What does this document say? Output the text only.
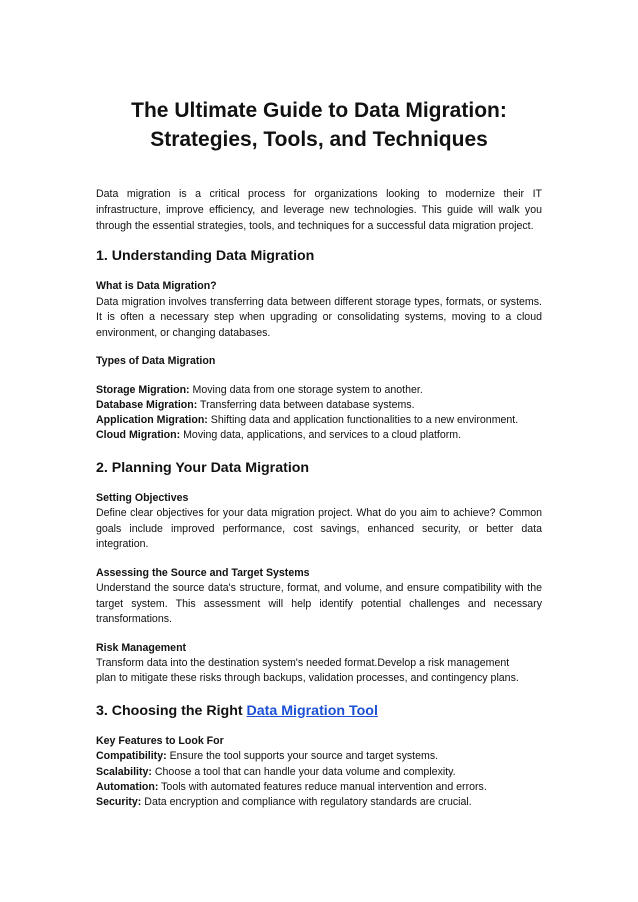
The Ultimate Guide to Data Migration: Strategies, Tools, and Techniques
Data migration is a critical process for organizations looking to modernize their IT infrastructure, improve efficiency, and leverage new technologies. This guide will walk you through the essential strategies, tools, and techniques for a successful data migration project.
1. Understanding Data Migration
What is Data Migration?
Data migration involves transferring data between different storage types, formats, or systems. It is often a necessary step when upgrading or consolidating systems, moving to a cloud environment, or changing databases.
Types of Data Migration
Storage Migration: Moving data from one storage system to another.
Database Migration: Transferring data between database systems.
Application Migration: Shifting data and application functionalities to a new environment.
Cloud Migration: Moving data, applications, and services to a cloud platform.
2. Planning Your Data Migration
Setting Objectives
Define clear objectives for your data migration project. What do you aim to achieve? Common goals include improved performance, cost savings, enhanced security, or better data integration.
Assessing the Source and Target Systems
Understand the source data's structure, format, and volume, and ensure compatibility with the target system. This assessment will help identify potential challenges and necessary transformations.
Risk Management
Transform data into the destination system's needed format.Develop a risk management
plan to mitigate these risks through backups, validation processes, and contingency plans.
3. Choosing the Right Data Migration Tool
Key Features to Look For
Compatibility: Ensure the tool supports your source and target systems.
Scalability: Choose a tool that can handle your data volume and complexity.
Automation: Tools with automated features reduce manual intervention and errors.
Security: Data encryption and compliance with regulatory standards are crucial.
